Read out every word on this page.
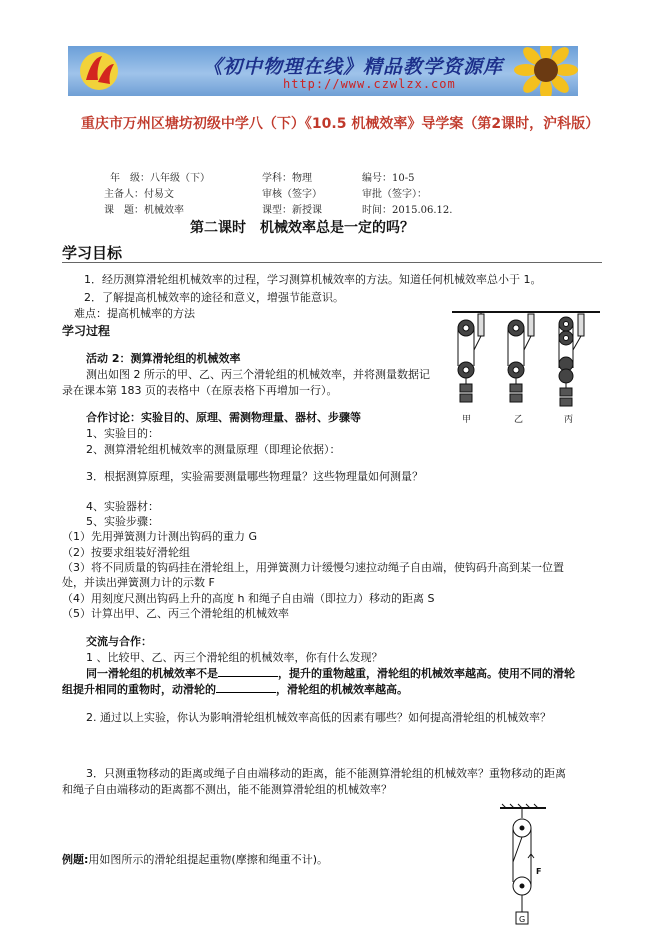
《初中物理在线》精品教学资源库
http://www.czwlzx.com
重庆市万州区塘坊初级中学八（下）《10.5 机械效率》导学案（第2课时，沪科版）
年　级：八年级（下）	学科：物理	编号：10-5
主备人：付易文	审核（签字）	审批（签字）：
课　题：机械效率	课型：新授课	时间：2015.06.12.
第二课时　机械效率总是一定的吗？
学习目标
1．经历测算滑轮组机械效率的过程，学习测算机械效率的方法。知道任何机械效率总小于 1。
2．了解提高机械效率的途径和意义，增强节能意识。
难点：提高机械率的方法
学习过程
活动 2：测算滑轮组的机械效率
测出如图 2 所示的甲、乙、丙三个滑轮组的机械效率，并将测量数据记
录在课本第 183 页的表格中（在原表格下再增加一行）。
甲	乙	丙
合作讨论：实验目的、原理、需测物理量、器材、步骤等
1、实验目的：
2、测算滑轮组机械效率的测量原理（即理论依据）：
3．根据测算原理，实验需要测量哪些物理量？这些物理量如何测量？
4、实验器材：
5、实验步骤：
（1）先用弹簧测力计测出钩码的重力 G
（2）按要求组装好滑轮组
（3）将不同质量的钩码挂在滑轮组上，用弹簧测力计缓慢匀速拉动绳子自由端，使钩码升高到某一位置
处，并读出弹簧测力计的示数 F
（4）用刻度尺测出钩码上升的高度 h 和绳子自由端（即拉力）移动的距离 S
（5）计算出甲、乙、丙三个滑轮组的机械效率
交流与合作：
1 、比较甲、乙、丙三个滑轮组的机械效率，你有什么发现？
同一滑轮组的机械效率不是	，提升的重物越重，滑轮组的机械效率越高。使用不同的滑轮
组提升相同的重物时，动滑轮的	，滑轮组的机械效率越高。
2. 通过以上实验，你认为影响滑轮组机械效率高低的因素有哪些？如何提高滑轮组的机械效率？
3．只测重物移动的距离或绳子自由端移动的距离，能不能测算滑轮组的机械效率？重物移动的距离
和绳子自由端移动的距离都不测出，能不能测算滑轮组的机械效率？
例题:用如图所示的滑轮组提起重物(摩擦和绳重不计)。
F
G
